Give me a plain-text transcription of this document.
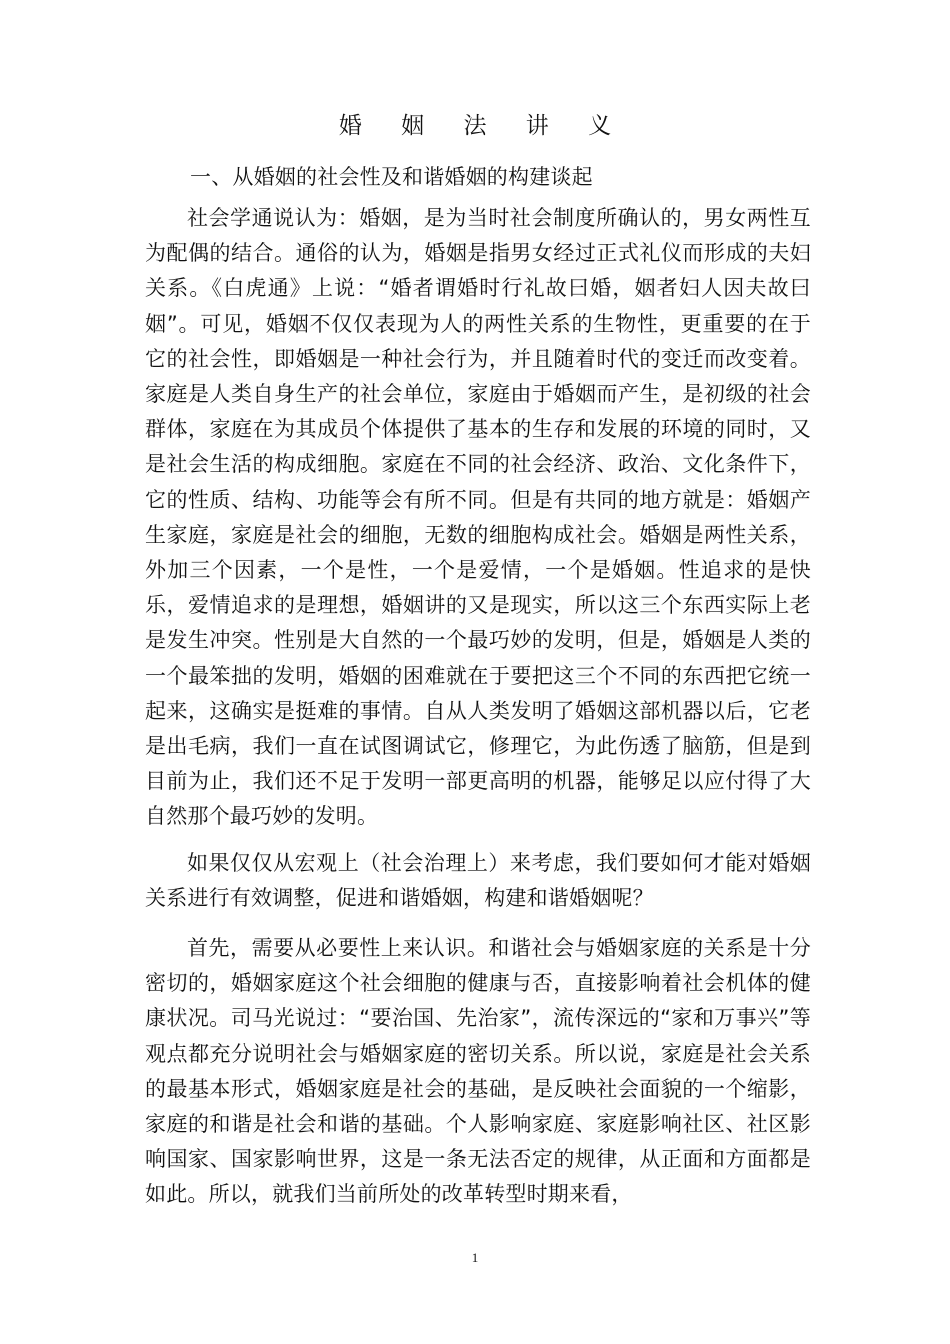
婚 姻 法 讲 义
一、从婚姻的社会性及和谐婚姻的构建谈起

社会学通说认为：婚姻，是为当时社会制度所确认的，男女两性互为配偶的结合。通俗的认为，婚姻是指男女经过正式礼仪而形成的夫妇关系。《白虎通》上说：“婚者谓婚时行礼故曰婚，姻者妇人因夫故曰姻”。可见，婚姻不仅仅表现为人的两性关系的生物性，更重要的在于它的社会性，即婚姻是一种社会行为，并且随着时代的变迁而改变着。家庭是人类自身生产的社会单位，家庭由于婚姻而产生，是初级的社会群体，家庭在为其成员个体提供了基本的生存和发展的环境的同时，又是社会生活的构成细胞。家庭在不同的社会经济、政治、文化条件下，它的性质、结构、功能等会有所不同。但是有共同的地方就是：婚姻产生家庭，家庭是社会的细胞，无数的细胞构成社会。婚姻是两性关系，外加三个因素，一个是性，一个是爱情，一个是婚姻。性追求的是快乐，爱情追求的是理想，婚姻讲的又是现实，所以这三个东西实际上老是发生冲突。性别是大自然的一个最巧妙的发明，但是，婚姻是人类的一个最笨拙的发明，婚姻的困难就在于要把这三个不同的东西把它统一起来，这确实是挺难的事情。自从人类发明了婚姻这部机器以后，它老是出毛病，我们一直在试图调试它，修理它，为此伤透了脑筋，但是到目前为止，我们还不足于发明一部更高明的机器，能够足以应付得了大自然那个最巧妙的发明。

如果仅仅从宏观上（社会治理上）来考虑，我们要如何才能对婚姻关系进行有效调整，促进和谐婚姻，构建和谐婚姻呢？

首先，需要从必要性上来认识。和谐社会与婚姻家庭的关系是十分密切的，婚姻家庭这个社会细胞的健康与否，直接影响着社会机体的健康状况。司马光说过：“要治国、先治家”，流传深远的“家和万事兴”等观点都充分说明社会与婚姻家庭的密切关系。所以说，家庭是社会关系的最基本形式，婚姻家庭是社会的基础，是反映社会面貌的一个缩影，家庭的和谐是社会和谐的基础。个人影响家庭、家庭影响社区、社区影响国家、国家影响世界，这是一条无法否定的规律，从正面和方面都是如此。所以，就我们当前所处的改革转型时期来看，

1
